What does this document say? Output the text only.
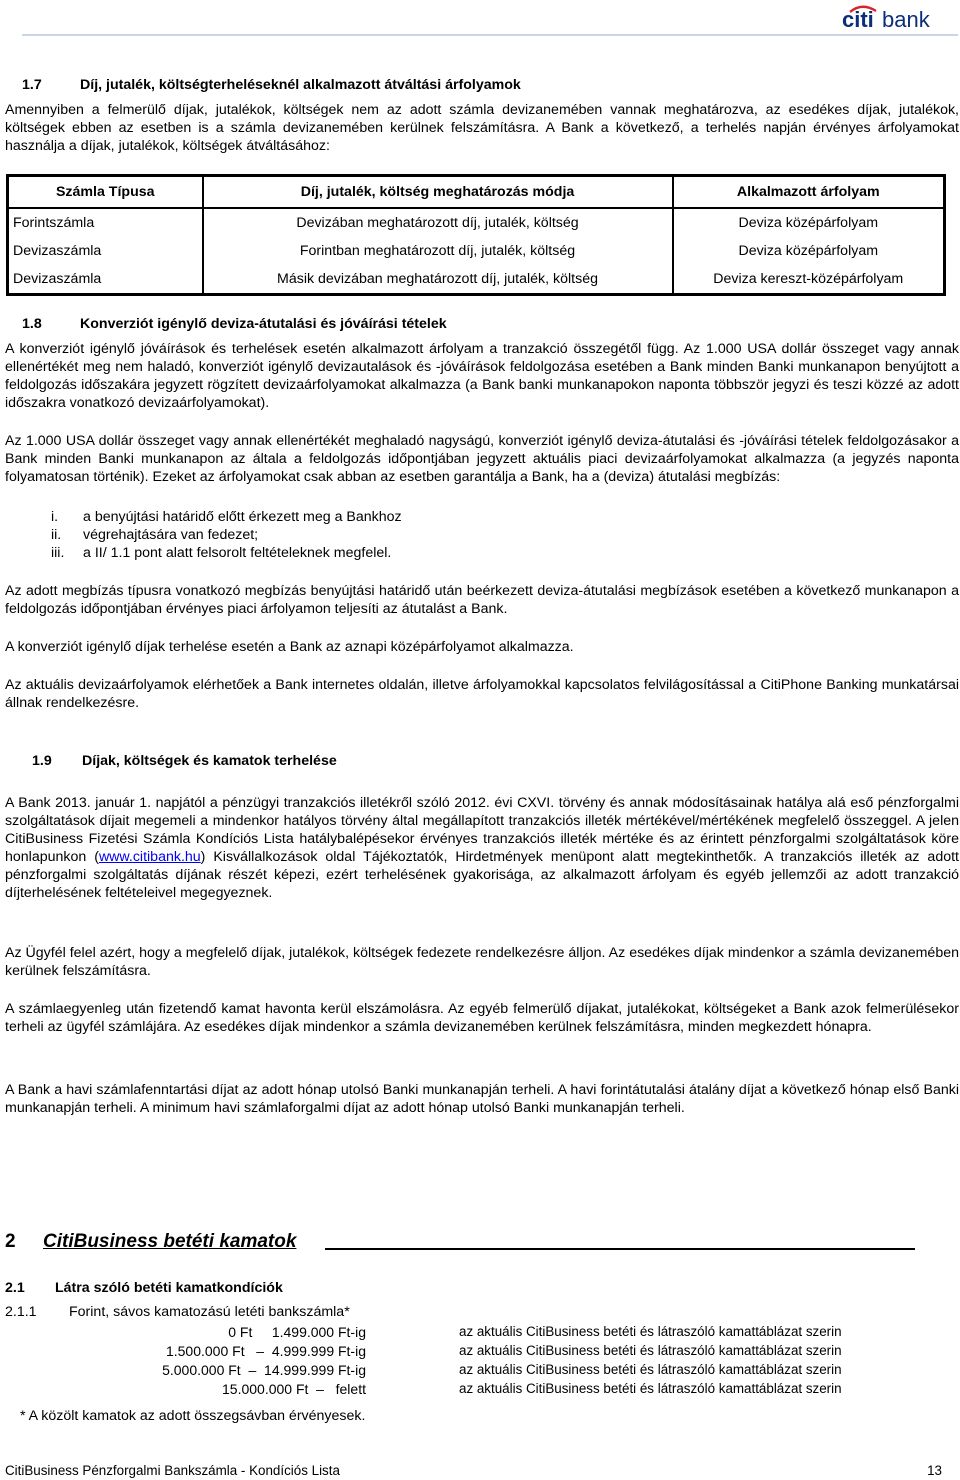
citi bank
1.7	Díj, jutalék, költségterheléseknél alkalmazott átváltási árfolyamok
Amennyiben a felmerülő díjak, jutalékok, költségek nem az adott számla devizanemében vannak meghatározva, az esedékes díjak, jutalékok, költségek ebben az esetben is a számla devizanemében kerülnek felszámításra. A Bank a következő, a terhelés napján érvényes árfolyamokat használja a díjak, jutalékok, költségek átváltásához:
Számla Típusa	Díj, jutalék, költség meghatározás módja	Alkalmazott árfolyam
Forintszámla	Devizában meghatározott díj, jutalék, költség	Deviza középárfolyam
Devizaszámla	Forintban meghatározott díj, jutalék, költség	Deviza középárfolyam
Devizaszámla	Másik devizában meghatározott díj, jutalék, költség	Deviza kereszt-középárfolyam
1.8	Konverziót igénylő deviza-átutalási és jóváírási tételek
A konverziót igénylő jóváírások és terhelések esetén alkalmazott árfolyam a tranzakció összegétől függ. Az 1.000 USA dollár összeget vagy annak ellenértékét meg nem haladó, konverziót igénylő devizautalások és -jóváírások feldolgozása esetében a Bank minden Banki munkanapon benyújtott a feldolgozás időszakára jegyzett rögzített devizaárfolyamokat alkalmazza (a Bank banki munkanapokon naponta többször jegyzi és teszi közzé az adott időszakra vonatkozó devizaárfolyamokat).
Az 1.000 USA dollár összeget vagy annak ellenértékét meghaladó nagyságú, konverziót igénylő deviza-átutalási és -jóváírási tételek feldolgozásakor a Bank minden Banki munkanapon az általa a feldolgozás időpontjában jegyzett aktuális piaci devizaárfolyamokat alkalmazza (a jegyzés naponta folyamatosan történik). Ezeket az árfolyamokat csak abban az esetben garantálja a Bank, ha a (deviza) átutalási megbízás:
i. a benyújtási határidő előtt érkezett meg a Bankhoz
ii. végrehajtására van fedezet;
iii. a II/ 1.1 pont alatt felsorolt feltételeknek megfelel.
Az adott megbízás típusra vonatkozó megbízás benyújtási határidő után beérkezett deviza-átutalási megbízások esetében a következő munkanapon a feldolgozás időpontjában érvényes piaci árfolyamon teljesíti az átutalást a Bank.
A konverziót igénylő díjak terhelése esetén a Bank az aznapi középárfolyamot alkalmazza.
Az aktuális devizaárfolyamok elérhetőek a Bank internetes oldalán, illetve árfolyamokkal kapcsolatos felvilágosítással a CitiPhone Banking munkatársai állnak rendelkezésre.
1.9 Díjak, költségek és kamatok terhelése
A Bank 2013. január 1. napjától a pénzügyi tranzakciós illetékről szóló 2012. évi CXVI. törvény és annak módosításainak hatálya alá eső pénzforgalmi szolgáltatások díjait megemeli a mindenkor hatályos törvény által megállapított tranzakciós illeték mértékével/mértékének megfelelő összeggel. A jelen CitiBusiness Fizetési Számla Kondíciós Lista hatálybalépésekor érvényes tranzakciós illeték mértéke és az érintett pénzforgalmi szolgáltatások köre honlapunkon (www.citibank.hu) Kisvállalkozások oldal Tájékoztatók, Hirdetmények menüpont alatt megtekinthetők. A tranzakciós illeték az adott pénzforgalmi szolgáltatás díjának részét képezi, ezért terhelésének gyakorisága, az alkalmazott árfolyam és egyéb jellemzői az adott tranzakció díjterhelésének feltételeivel megegyeznek.
Az Ügyfél felel azért, hogy a megfelelő díjak, jutalékok, költségek fedezete rendelkezésre álljon. Az esedékes díjak mindenkor a számla devizanemében kerülnek felszámításra.
A számlaegyenleg után fizetendő kamat havonta kerül elszámolásra. Az egyéb felmerülő díjakat, jutalékokat, költségeket a Bank azok felmerülésekor terheli az ügyfél számlájára. Az esedékes díjak mindenkor a számla devizanemében kerülnek felszámításra, minden megkezdett hónapra.
A Bank a havi számlafenntartási díjat az adott hónap utolsó Banki munkanapján terheli. A havi forintátutalási átalány díjat a következő hónap első Banki munkanapján terheli. A minimum havi számlaforgalmi díjat az adott hónap utolsó Banki munkanapján terheli.
2 CitiBusiness betéti kamatok
2.1 Látra szóló betéti kamatkondíciók
2.1.1 Forint, sávos kamatozású letéti bankszámla*
0 Ft     1.499.000 Ft-ig	az aktuális CitiBusiness betéti és látraszóló kamattáblázat szerin
1.500.000 Ft   –  4.999.999 Ft-ig	az aktuális CitiBusiness betéti és látraszóló kamattáblázat szerin
5.000.000 Ft  –  14.999.999 Ft-ig	az aktuális CitiBusiness betéti és látraszóló kamattáblázat szerin
15.000.000 Ft  –   felett	az aktuális CitiBusiness betéti és látraszóló kamattáblázat szerin
* A közölt kamatok az adott összegsávban érvényesek.
CitiBusiness Pénzforgalmi Bankszámla - Kondíciós Lista	13
